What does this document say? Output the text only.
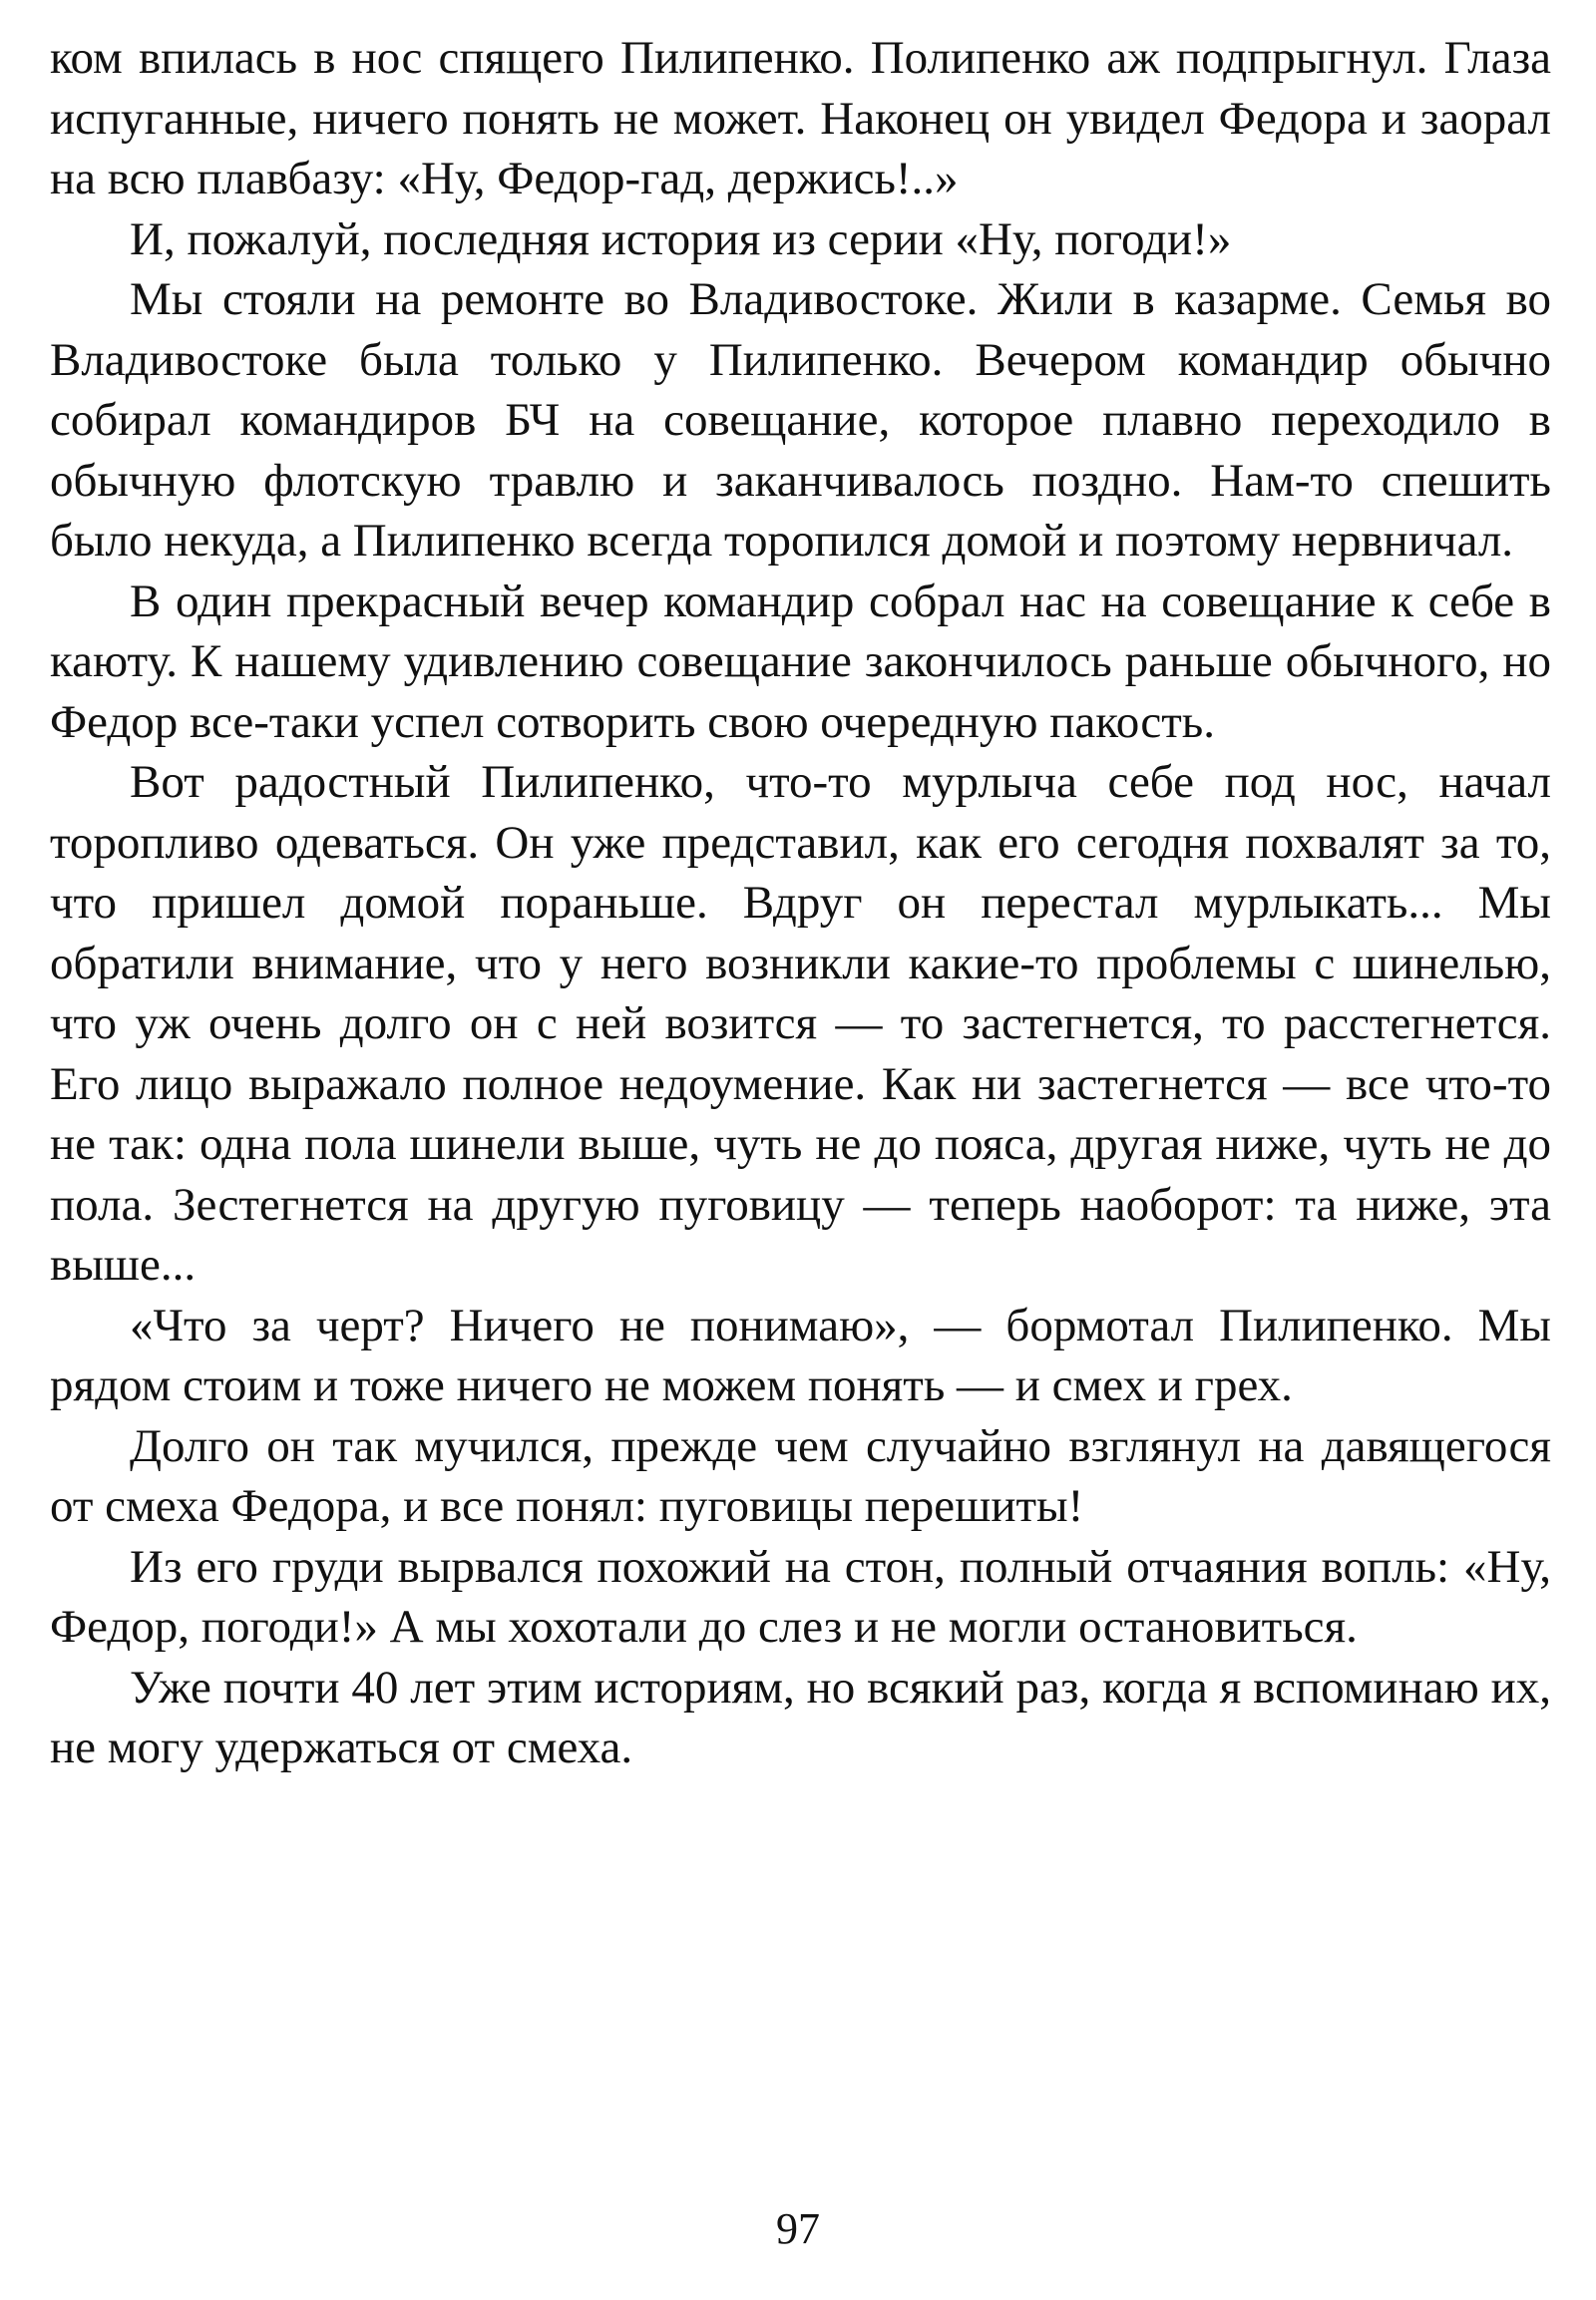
ком впилась в нос спящего Пилипенко. Полипенко аж подпрыгнул. Глаза испуганные, ничего понять не может. Наконец он увидел Федора и заорал на всю плавбазу: «Ну, Федор-гад, держись!..»

И, пожалуй, последняя история из серии «Ну, погоди!»

Мы стояли на ремонте во Владивостоке. Жили в казарме. Семья во Владивостоке была только у Пилипенко. Вечером командир обычно собирал командиров БЧ на совещание, которое плавно переходило в обычную флотскую травлю и заканчивалось поздно. Нам-то спешить было некуда, а Пилипенко всегда торопился домой и поэтому нервничал.

В один прекрасный вечер командир собрал нас на совещание к себе в каюту. К нашему удивлению совещание закончилось раньше обычного, но Федор все-таки успел сотворить свою очередную пакость.

Вот радостный Пилипенко, что-то мурлыча себе под нос, начал торопливо одеваться. Он уже представил, как его сегодня похвалят за то, что пришел домой пораньше. Вдруг он перестал мурлыкать... Мы обратили внимание, что у него возникли какие-то проблемы с шинелью, что уж очень долго он с ней возится — то застегнется, то расстегнется. Его лицо выражало полное недоумение. Как ни застегнется — все что-то не так: одна пола шинели выше, чуть не до пояса, другая ниже, чуть не до пола. Зестегнется на другую пуговицу — теперь наоборот: та ниже, эта выше...

«Что за черт? Ничего не понимаю», — бормотал Пилипенко. Мы рядом стоим и тоже ничего не можем понять — и смех и грех.

Долго он так мучился, прежде чем случайно взглянул на давящегося от смеха Федора, и все понял: пуговицы перешиты!

Из его груди вырвался похожий на стон, полный отчаяния вопль: «Ну, Федор, погоди!» А мы хохотали до слез и не могли остановиться.

Уже почти 40 лет этим историям, но всякий раз, когда я вспоминаю их, не могу удержаться от смеха.

97
